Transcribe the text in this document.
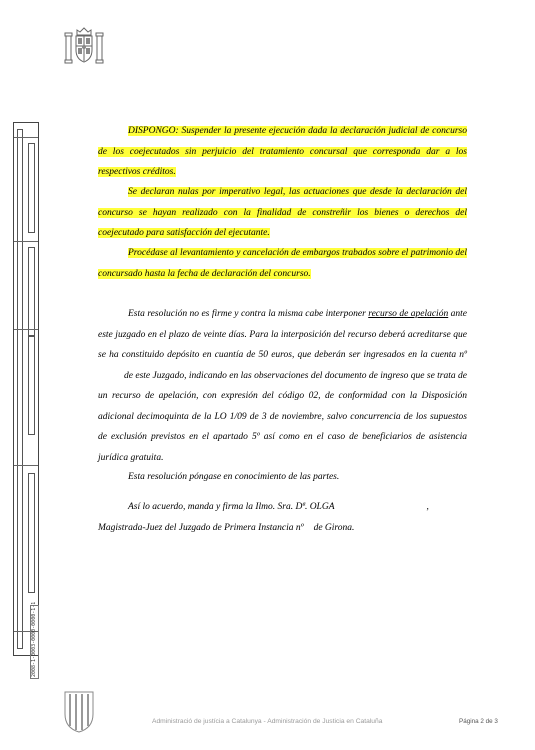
2008-1-0003-0000-0000-1-1

DISPONGO: Suspender la presente ejecución dada la declaración judicial de concurso de los coejecutados sin perjuicio del tratamiento concursal que corresponda dar a los respectivos créditos.

Se declaran nulas por imperativo legal, las actuaciones que desde la declaración del concurso se hayan realizado con la finalidad de constreñir los bienes o derechos del coejecutado para satisfacción del ejecutante.

Procédase al levantamiento y cancelación de embargos trabados sobre el patrimonio del concursado hasta la fecha de declaración del concurso.

Esta resolución no es firme y contra la misma cabe interponer recurso de apelación ante este juzgado en el plazo de veinte días. Para la interposición del recurso deberá acreditarse que se ha constituido depósito en cuantía de 50 euros, que deberán ser ingresados en la cuenta nºde este Juzgado, indicando en las observaciones del documento de ingreso que se trata de un recurso de apelación, con expresión del código 02, de conformidad con la Disposición adicional decimoquinta de la LO 1/09 de 3 de noviembre, salvo concurrencia de los supuestos de exclusión previstos en el apartado 5º así como en el caso de beneficiarios de asistencia jurídica gratuita.

Esta resolución póngase en conocimiento de las partes.

Así lo acuerdo, manda y firma la Ilmo. Sra. Dª. OLGA	,
Magistrada-Juez del Juzgado de Primera Instancia nº de Girona.

Administració de justícia a Catalunya - Administración de Justicia en Cataluña	Página 2 de 3
